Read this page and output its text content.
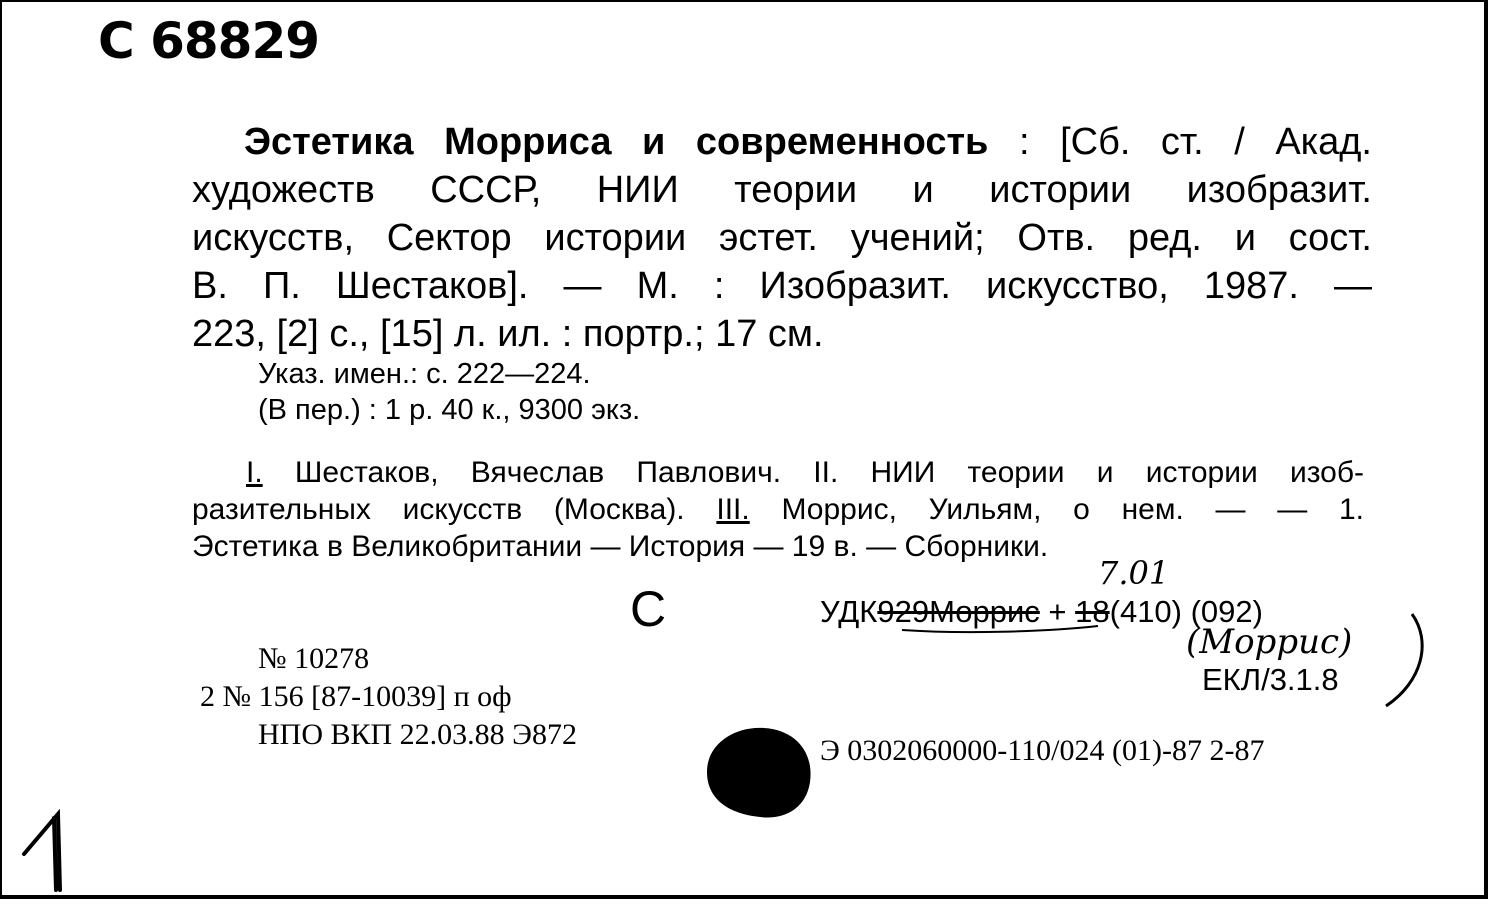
С 68829
Эстетика Морриса и современность : [Сб. ст. / Акад.
художеств СССР, НИИ теории и истории изобразит.
искусств, Сектор истории эстет. учений; Отв. ред. и сост.
В. П. Шестаков]. — М. : Изобразит. искусство, 1987. —
223, [2] с., [15] л. ил. : портр.; 17 см.
Указ. имен.: с. 222—224.
(В пер.) : 1 р. 40 к., 9300 экз.
I. Шестаков, Вячеслав Павлович. II. НИИ теории и истории изоб-
разительных искусств (Москва). III. Моррис, Уильям, о нем. — — 1.
Эстетика в Великобритании — История — 19 в. — Сборники.
С
7.01
УДК929Моррис + 18(410) (092)
(Моррис)
ЕКЛ/3.1.8
№ 10278
2 № 156 [87-10039] п оф
НПО ВКП 22.03.88 Э872	Э 0302060000-110/024 (01)-87 2-87
